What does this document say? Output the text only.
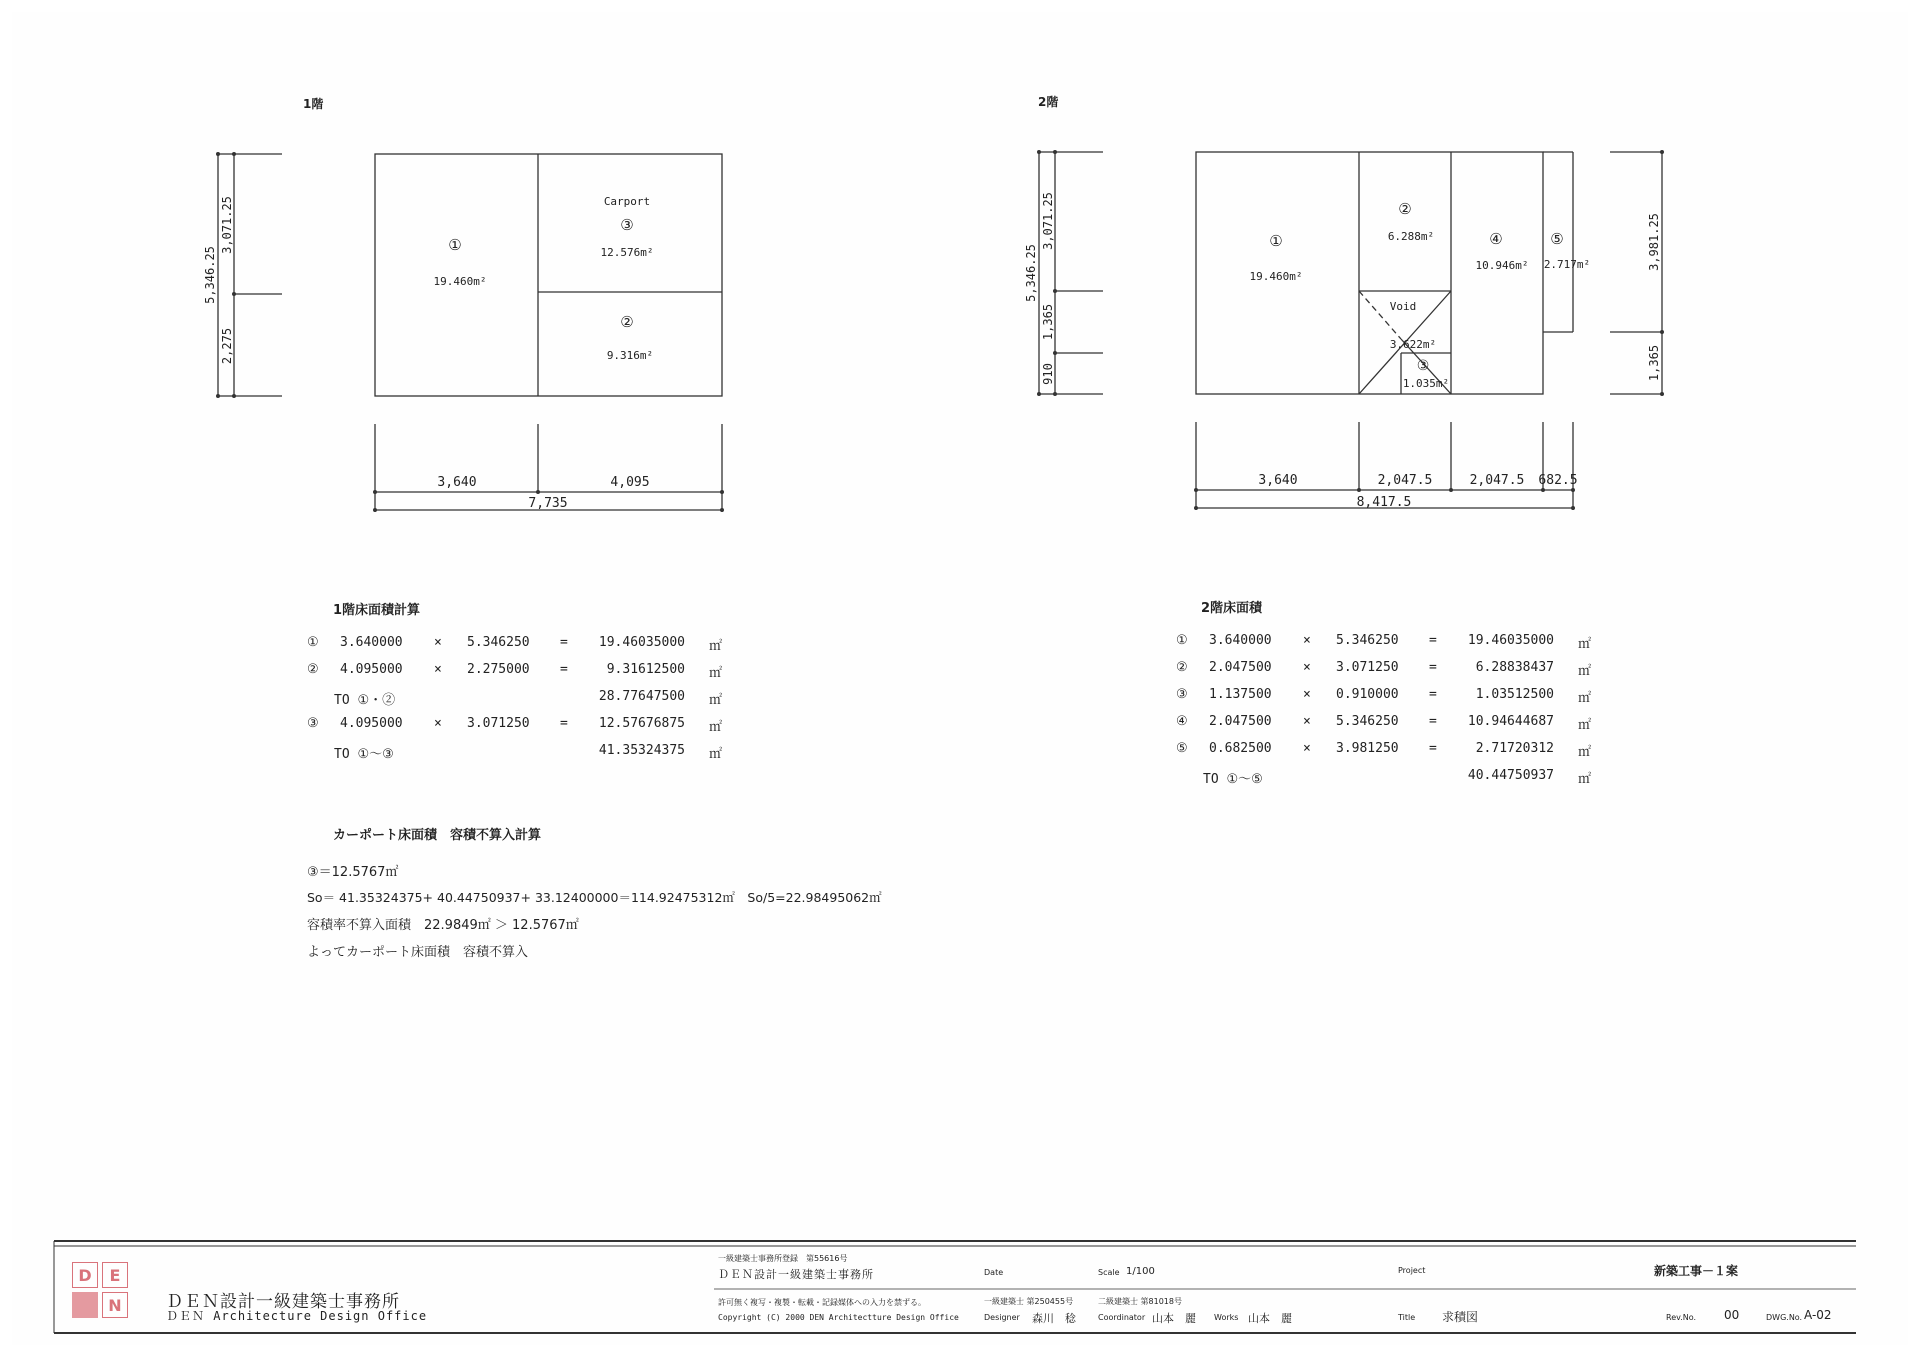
1階	2階
①
19.460m²
Carport
③
12.576m²
②
9.316m²
5,346.25
3,071.25
2,275
3,640	4,095
7,735
①
19.460m²
②
6.288m²	④
10.946m²
⑤
2.717m²
Void
3.622m²
③
1.035m²
5,346.25
3,071.25
1,365
910
3,981.25
1,365
3,640	2,047.5	2,047.5 682.5
8,417.5
1階床面積計算
① 3.640000 × 5.346250 = 19.46035000 ㎡
② 4.095000 × 2.275000 =	9.31612500 ㎡
TO ①・②	28.77647500 ㎡
③ 4.095000 × 3.071250 = 12.57676875 ㎡
TO ①～③	41.35324375 ㎡
2階床面積
① 3.640000 × 5.346250 = 19.46035000 ㎡
② 2.047500 × 3.071250 =	6.28838437 ㎡
③ 1.137500 × 0.910000 =	1.03512500 ㎡
④ 2.047500 × 5.346250 = 10.94644687 ㎡
⑤ 0.682500 × 3.981250 =	2.71720312 ㎡
TO ①～⑤	40.44750937 ㎡
カーポート床面積　容積不算入計算
③＝12.5767㎡
So＝ 41.35324375+ 40.44750937+ 33.12400000＝114.92475312㎡　So/5=22.98495062㎡
容積率不算入面積　22.9849㎡ ＞ 12.5767㎡
よってカーポート床面積　容積不算入
D	E
N	ＤＥＮ設計一級建築士事務所
ＤＥＮ Architecture Design Office
一級建築士事務所登録　第55616号
ＤＥＮ設計一級建築士事務所
許可無く複写・複製・転載・記録媒体への入力を禁ずる。
Copyright (C) 2000 DEN Architectture Design Office
Date	Scale 1/100
一級建築士 第250455号
Designer 森川　稔
二級建築士 第81018号
Coordinator 山本　麗 Works 山本　麗
Project	新築工事－１案
Title 求積図	Rev.No. 00	DWG.No. A-02
